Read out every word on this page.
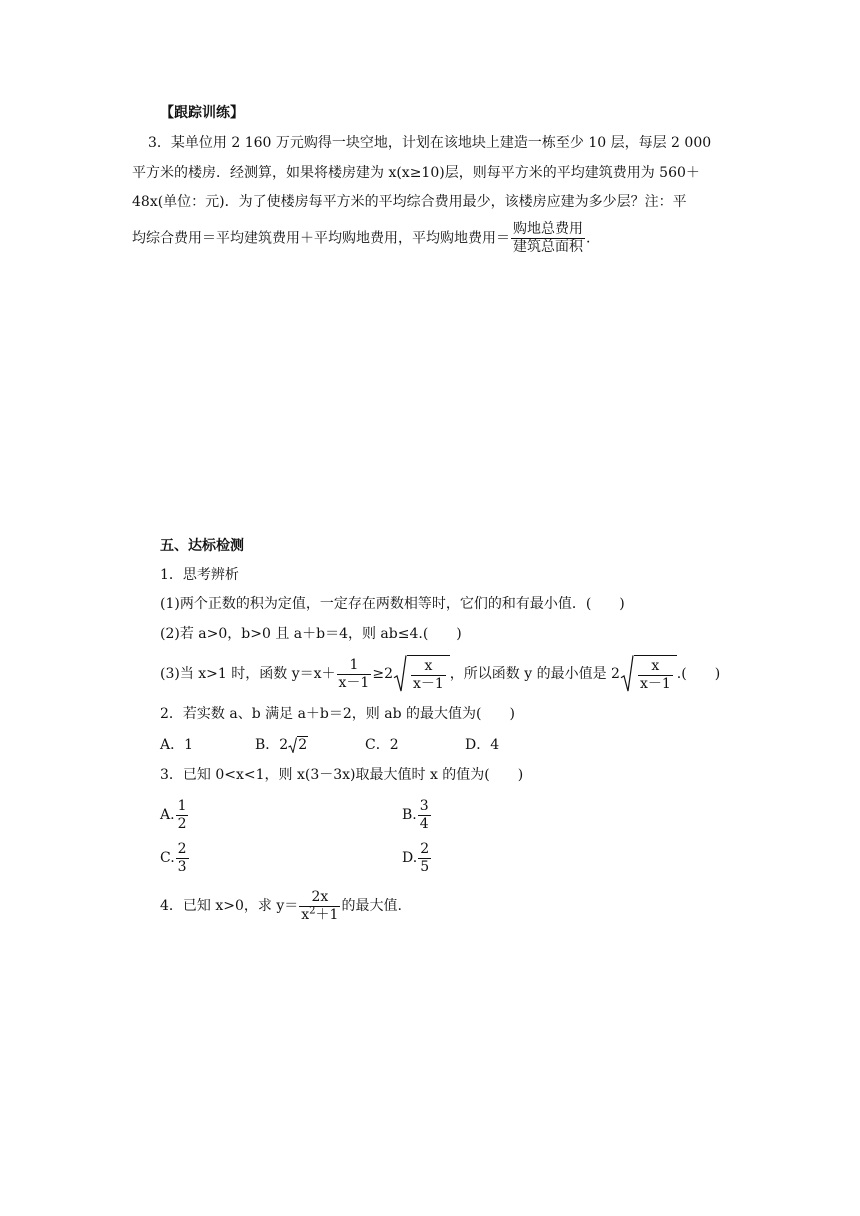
【跟踪训练】
3．某单位用 2 160 万元购得一块空地，计划在该地块上建造一栋至少 10 层，每层 2 000
平方米的楼房．经测算，如果将楼房建为 x(x≥10)层，则每平方米的平均建筑费用为 560＋
48x(单位：元)．为了使楼房每平方米的平均综合费用最少，该楼房应建为多少层？注：平
均综合费用＝平均建筑费用＋平均购地费用，平均购地费用＝ $\frac{\text{购地总费用}}{\text{建筑总面积}}$ .
五、达标检测
1．思考辨析
(1)两个正数的积为定值，一定存在两数相等时，它们的和有最小值．(　　)
(2)若 a>0，b>0 且 a＋b＝4，则 ab≤4.(　　)
(3)当 x>1 时，函数 $y=x+ \frac{1}{x-1} \ge 2 \frac{x}{x-1}$ ，所以函数 y 的最小值是 $2 \frac{x}{x-1}$ .(　　)
2．若实数 a、b 满足 a＋b＝2，则 ab 的最大值为(　　)
A．1	B．2 2	C．2	D．4
3．已知 0<x<1，则 x(3－3x)取最大值时 x 的值为(　　)
A. $\frac{1}{2}$	B. $\frac{3}{4}$
C. $\frac{2}{3}$	D. $\frac{2}{5}$
4．已知 x>0，求 $y= \frac{2x}{x^2+1}$ 的最大值.
